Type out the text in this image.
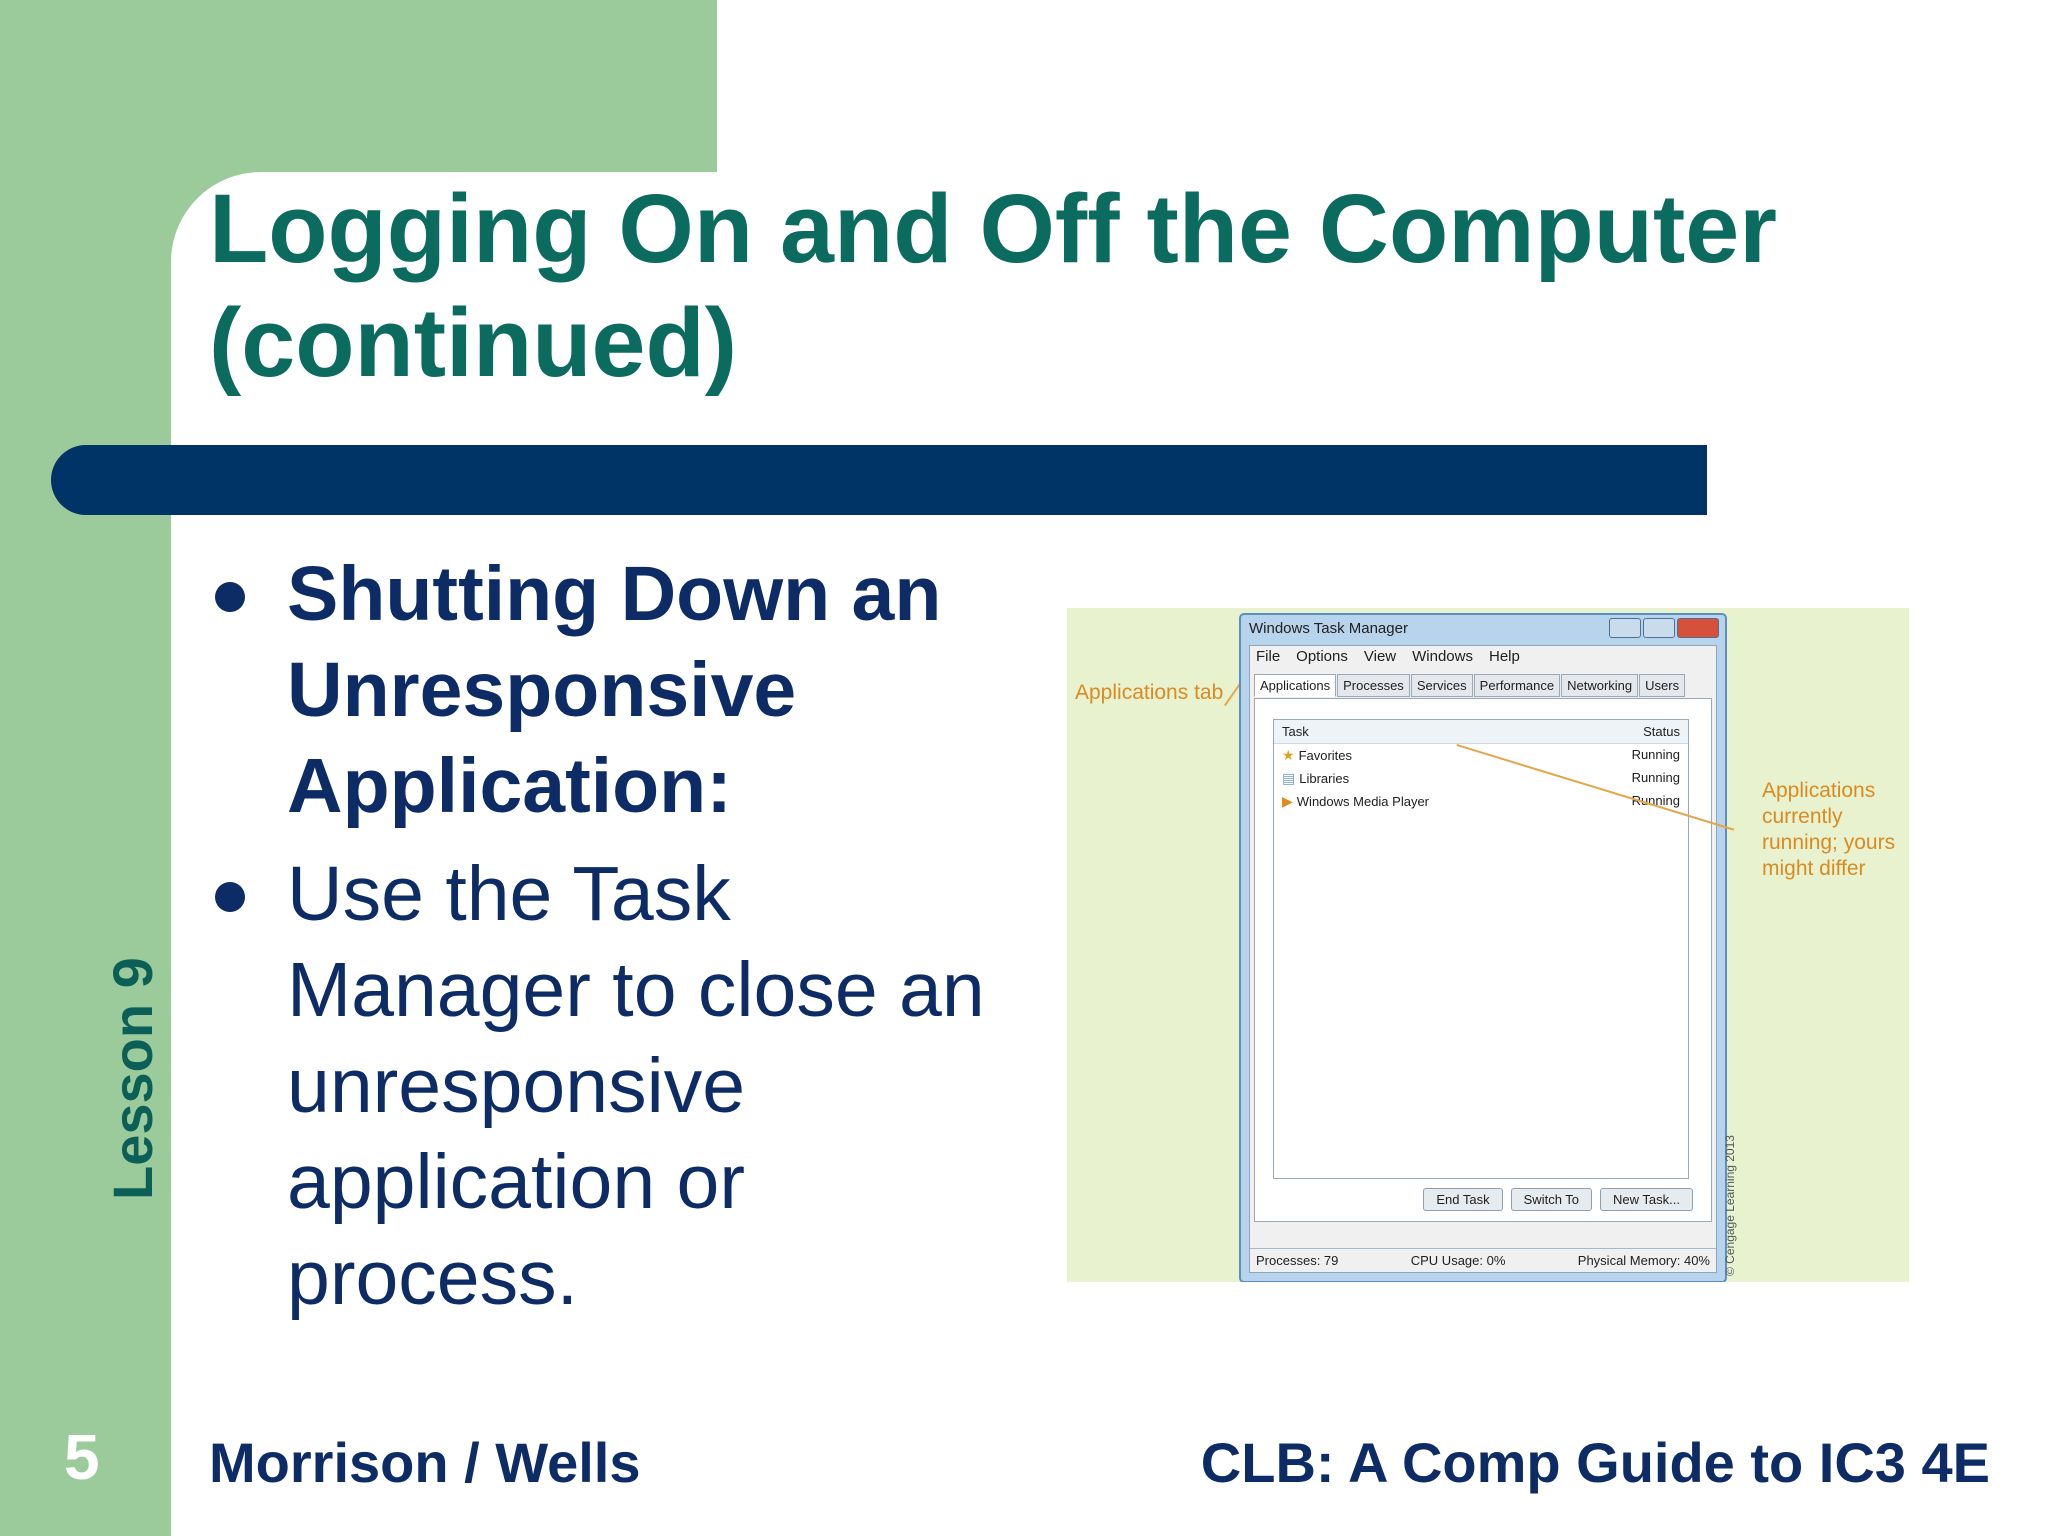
Logging On and Off the Computer
(continued)
Shutting Down an Unresponsive Application:
Use the Task Manager to close an unresponsive application or process.
Applications tab
Windows Task Manager
File Options View Windows Help
Applications	Processes	Services	Performance	Networking	Users
Task	Status
★ Favorites	Running
▤ Libraries	Running
▶ Windows Media Player	Running
End Task	Switch To	New Task...
Processes: 79	CPU Usage: 0%	Physical Memory: 40%
Applications currently running; yours might differ
© Cengage Learning 2013
Lesson 9
5 Morrison / Wells	CLB: A Comp Guide to IC3 4E
